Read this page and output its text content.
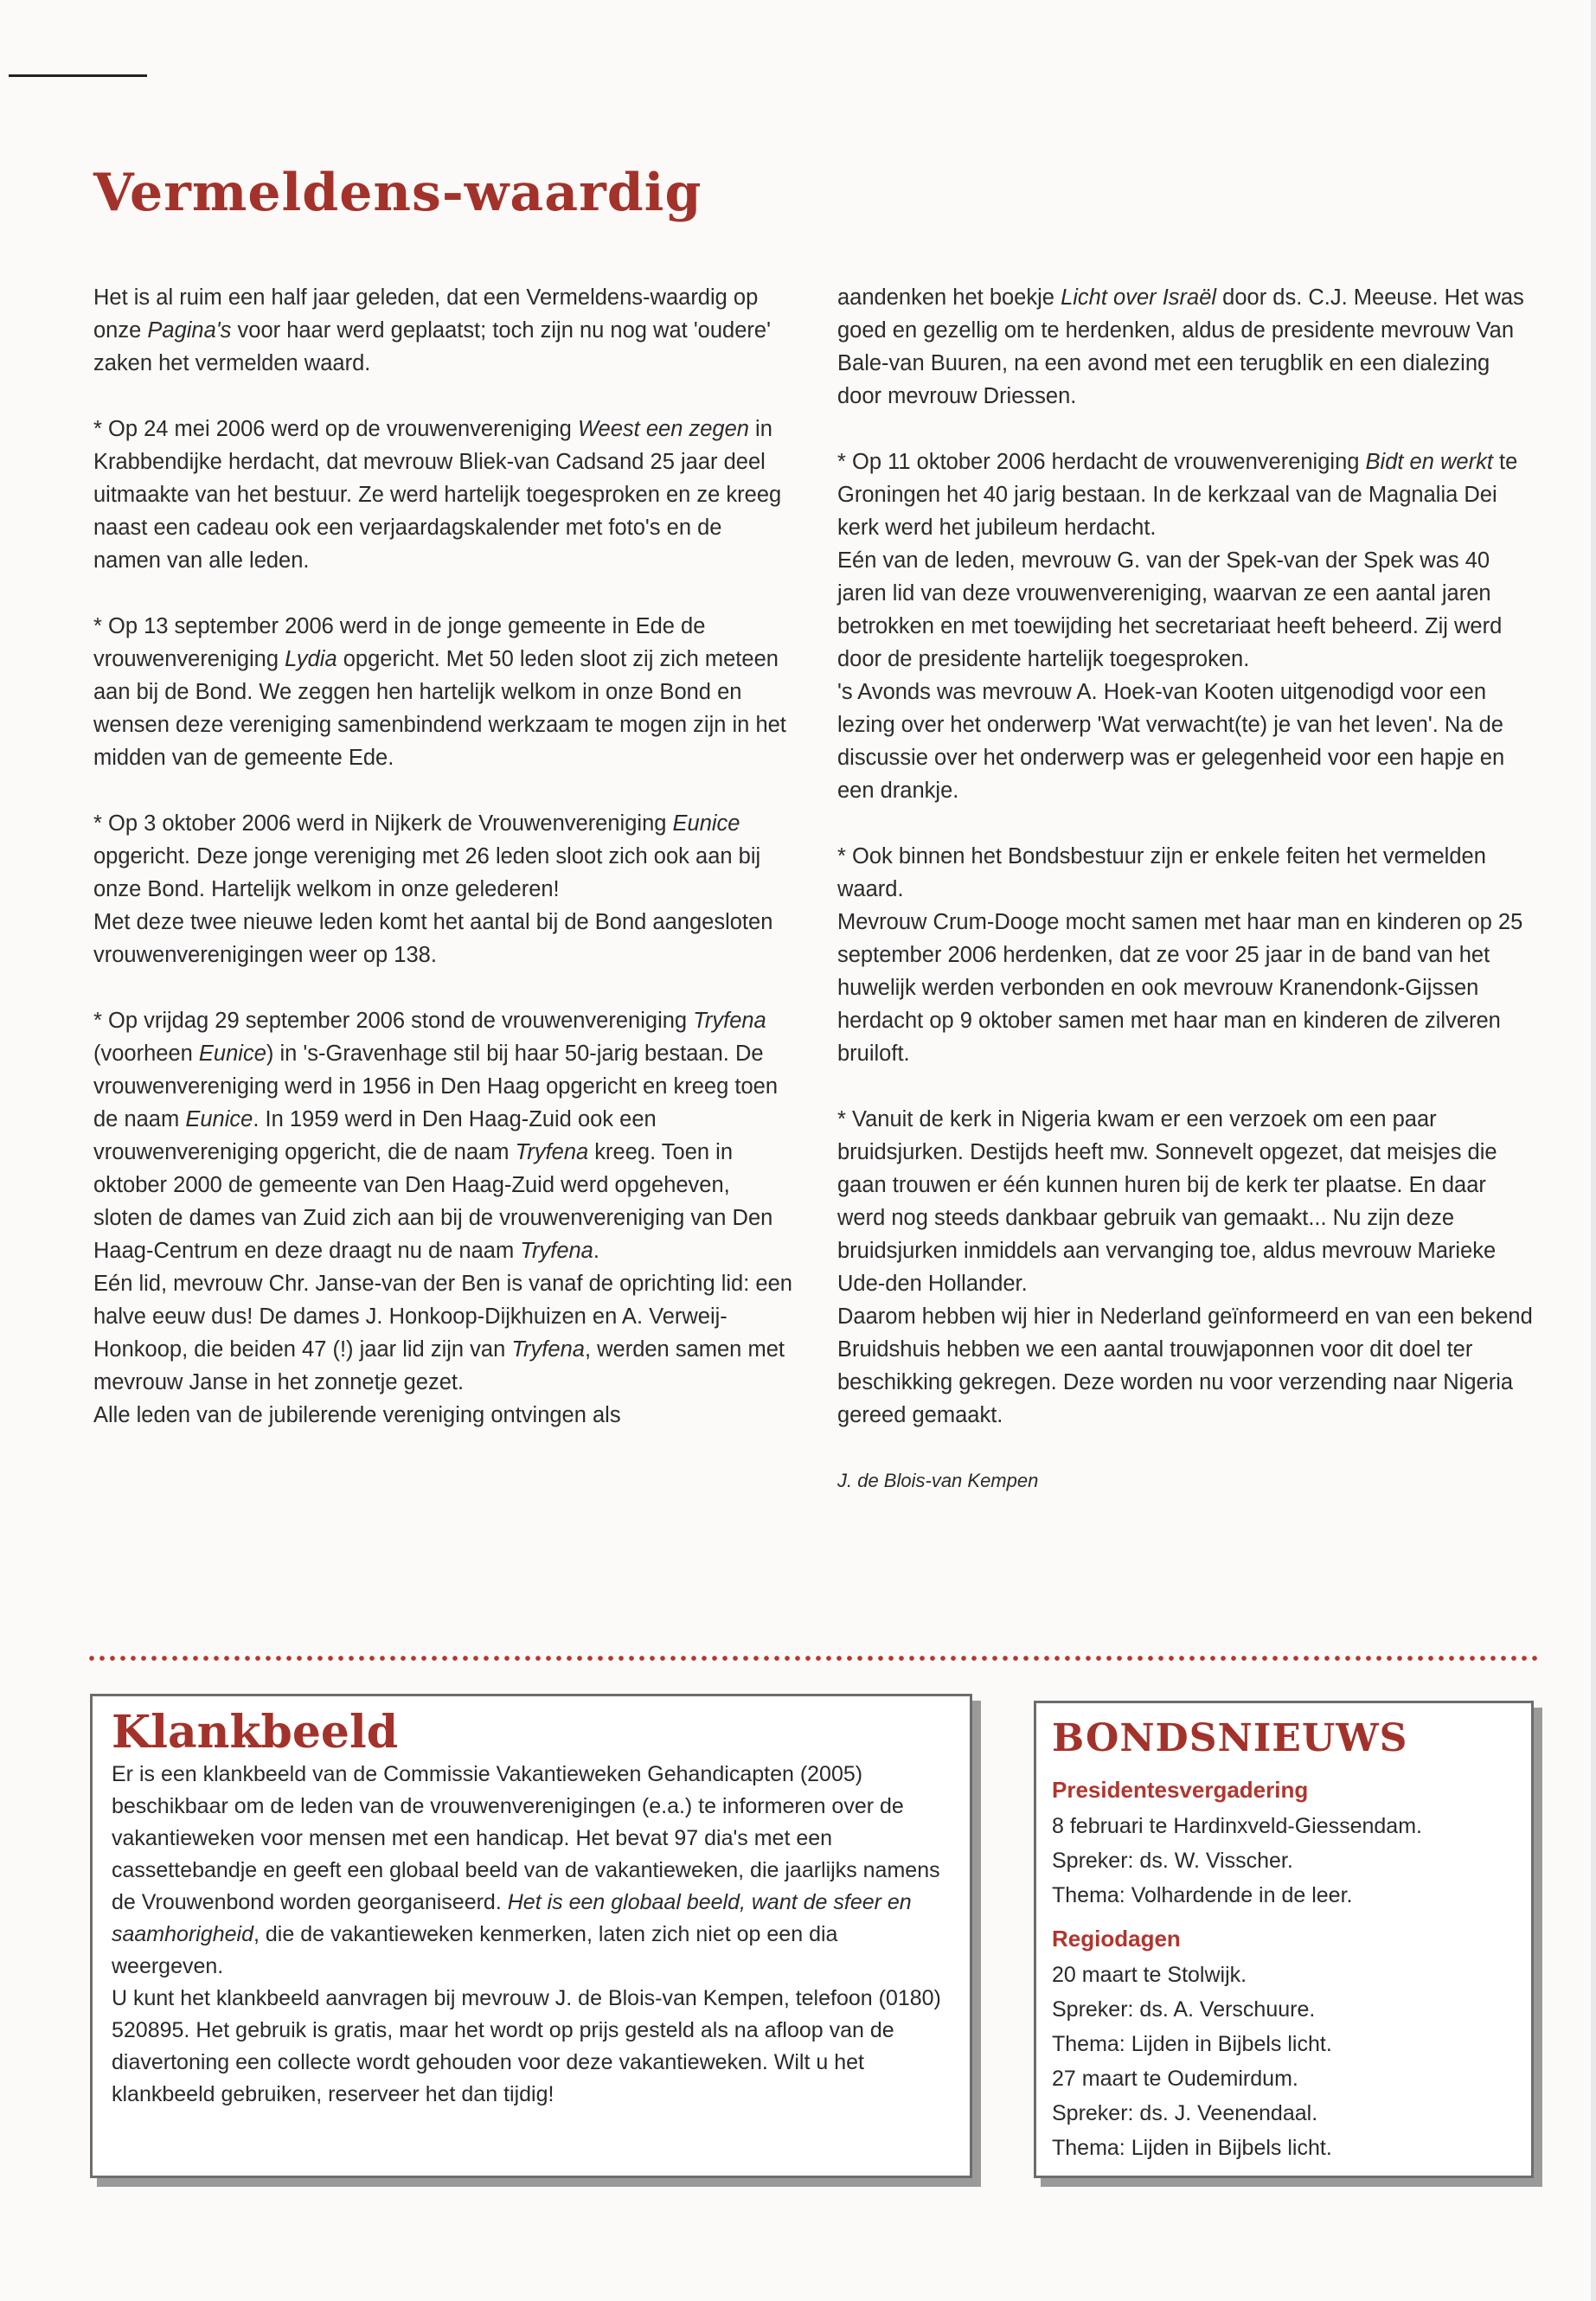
Vermeldens-waardig

Het is al ruim een half jaar geleden, dat een Vermeldens-waardig op onze Pagina's voor haar werd geplaatst; toch zijn nu nog wat 'oudere' zaken het vermelden waard.

* Op 24 mei 2006 werd op de vrouwenvereniging Weest een zegen in Krabbendijke herdacht, dat mevrouw Bliek-van Cadsand 25 jaar deel uitmaakte van het bestuur. Ze werd hartelijk toegesproken en ze kreeg naast een cadeau ook een verjaardagskalender met foto's en de namen van alle leden.

* Op 13 september 2006 werd in de jonge gemeente in Ede de vrouwenvereniging Lydia opgericht. Met 50 leden sloot zij zich meteen aan bij de Bond. We zeggen hen hartelijk welkom in onze Bond en wensen deze vereniging samenbindend werkzaam te mogen zijn in het midden van de gemeente Ede.

* Op 3 oktober 2006 werd in Nijkerk de Vrouwenvereniging Eunice opgericht. Deze jonge vereniging met 26 leden sloot zich ook aan bij onze Bond. Hartelijk welkom in onze gelederen!
Met deze twee nieuwe leden komt het aantal bij de Bond aangesloten vrouwenverenigingen weer op 138.

* Op vrijdag 29 september 2006 stond de vrouwenvereniging Tryfena (voorheen Eunice) in 's-Gravenhage stil bij haar 50-jarig bestaan. De vrouwenvereniging werd in 1956 in Den Haag opgericht en kreeg toen de naam Eunice. In 1959 werd in Den Haag-Zuid ook een vrouwenvereniging opgericht, die de naam Tryfena kreeg. Toen in oktober 2000 de gemeente van Den Haag-Zuid werd opgeheven, sloten de dames van Zuid zich aan bij de vrouwenvereniging van Den Haag-Centrum en deze draagt nu de naam Tryfena.
Eén lid, mevrouw Chr. Janse-van der Ben is vanaf de oprichting lid: een halve eeuw dus! De dames J. Honkoop-Dijkhuizen en A. Verweij-Honkoop, die beiden 47 (!) jaar lid zijn van Tryfena, werden samen met mevrouw Janse in het zonnetje gezet.
Alle leden van de jubilerende vereniging ontvingen als

aandenken het boekje Licht over Israël door ds. C.J. Meeuse. Het was goed en gezellig om te herdenken, aldus de presidente mevrouw Van Bale-van Buuren, na een avond met een terugblik en een dialezing door mevrouw Driessen.

* Op 11 oktober 2006 herdacht de vrouwenvereniging Bidt en werkt te Groningen het 40 jarig bestaan. In de kerkzaal van de Magnalia Dei kerk werd het jubileum herdacht.
Eén van de leden, mevrouw G. van der Spek-van der Spek was 40 jaren lid van deze vrouwenvereniging, waarvan ze een aantal jaren betrokken en met toewijding het secretariaat heeft beheerd. Zij werd door de presidente hartelijk toegesproken.
's Avonds was mevrouw A. Hoek-van Kooten uitgenodigd voor een lezing over het onderwerp 'Wat verwacht(te) je van het leven'. Na de discussie over het onderwerp was er gelegenheid voor een hapje en een drankje.

* Ook binnen het Bondsbestuur zijn er enkele feiten het vermelden waard.
Mevrouw Crum-Dooge mocht samen met haar man en kinderen op 25 september 2006 herdenken, dat ze voor 25 jaar in de band van het huwelijk werden verbonden en ook mevrouw Kranendonk-Gijssen herdacht op 9 oktober samen met haar man en kinderen de zilveren bruiloft.

* Vanuit de kerk in Nigeria kwam er een verzoek om een paar bruidsjurken. Destijds heeft mw. Sonnevelt opgezet, dat meisjes die gaan trouwen er één kunnen huren bij de kerk ter plaatse. En daar werd nog steeds dankbaar gebruik van gemaakt... Nu zijn deze bruidsjurken inmiddels aan vervanging toe, aldus mevrouw Marieke Ude-den Hollander.
Daarom hebben wij hier in Nederland geïnformeerd en van een bekend Bruidshuis hebben we een aantal trouwjaponnen voor dit doel ter beschikking gekregen. Deze worden nu voor verzending naar Nigeria gereed gemaakt.

J. de Blois-van Kempen

Klankbeeld

Er is een klankbeeld van de Commissie Vakantieweken Gehandicapten (2005) beschikbaar om de leden van de vrouwenverenigingen (e.a.) te informeren over de vakantieweken voor mensen met een handicap. Het bevat 97 dia's met een cassettebandje en geeft een globaal beeld van de vakantieweken, die jaarlijks namens de Vrouwenbond worden georganiseerd. Het is een globaal beeld, want de sfeer en saamhorigheid, die de vakantieweken kenmerken, laten zich niet op een dia weergeven.

U kunt het klankbeeld aanvragen bij mevrouw J. de Blois-van Kempen, telefoon (0180) 520895. Het gebruik is gratis, maar het wordt op prijs gesteld als na afloop van de diavertoning een collecte wordt gehouden voor deze vakantieweken. Wilt u het klankbeeld gebruiken, reserveer het dan tijdig!

BONDSNIEUWS
Presidentesvergadering

8 februari te Hardinxveld-Giessendam.

Spreker: ds. W. Visscher.

Thema: Volhardende in de leer.

Regiodagen

20 maart te Stolwijk.

Spreker: ds. A. Verschuure.

Thema: Lijden in Bijbels licht.

27 maart te Oudemirdum.

Spreker: ds. J. Veenendaal.

Thema: Lijden in Bijbels licht.
